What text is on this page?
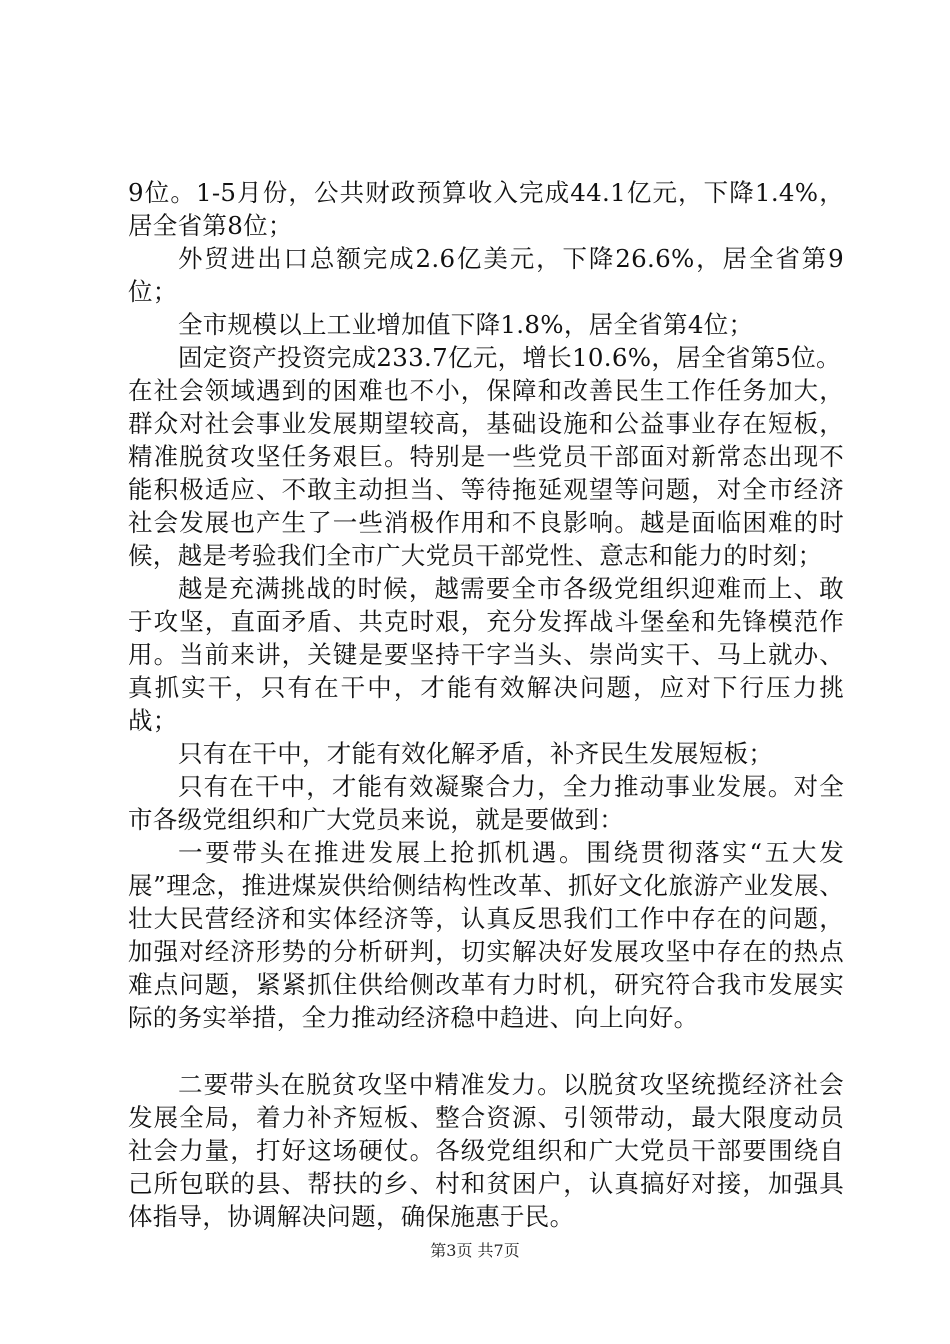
9位。1-5月份，公共财政预算收入完成44.1亿元，下降1.4%，居全省第8位；

外贸进出口总额完成2.6亿美元，下降26.6%，居全省第9位；

全市规模以上工业增加值下降1.8%，居全省第4位；

固定资产投资完成233.7亿元，增长10.6%，居全省第5位。

在社会领域遇到的困难也不小，保障和改善民生工作任务加大，群众对社会事业发展期望较高，基础设施和公益事业存在短板，精准脱贫攻坚任务艰巨。特别是一些党员干部面对新常态出现不能积极适应、不敢主动担当、等待拖延观望等问题，对全市经济社会发展也产生了一些消极作用和不良影响。越是面临困难的时候，越是考验我们全市广大党员干部党性、意志和能力的时刻；

越是充满挑战的时候，越需要全市各级党组织迎难而上、敢于攻坚，直面矛盾、共克时艰，充分发挥战斗堡垒和先锋模范作用。当前来讲，关键是要坚持干字当头、崇尚实干、马上就办、真抓实干，只有在干中，才能有效解决问题，应对下行压力挑战；

只有在干中，才能有效化解矛盾，补齐民生发展短板；

只有在干中，才能有效凝聚合力，全力推动事业发展。对全市各级党组织和广大党员来说，就是要做到：

一要带头在推进发展上抢抓机遇。围绕贯彻落实“五大发展”理念，推进煤炭供给侧结构性改革、抓好文化旅游产业发展、壮大民营经济和实体经济等，认真反思我们工作中存在的问题，加强对经济形势的分析研判，切实解决好发展攻坚中存在的热点难点问题，紧紧抓住供给侧改革有力时机，研究符合我市发展实际的务实举措，全力推动经济稳中趋进、向上向好。

二要带头在脱贫攻坚中精准发力。以脱贫攻坚统揽经济社会发展全局，着力补齐短板、整合资源、引领带动，最大限度动员社会力量，打好这场硬仗。各级党组织和广大党员干部要围绕自己所包联的县、帮扶的乡、村和贫困户，认真搞好对接，加强具体指导，协调解决问题，确保施惠于民。

第3页 共7页
